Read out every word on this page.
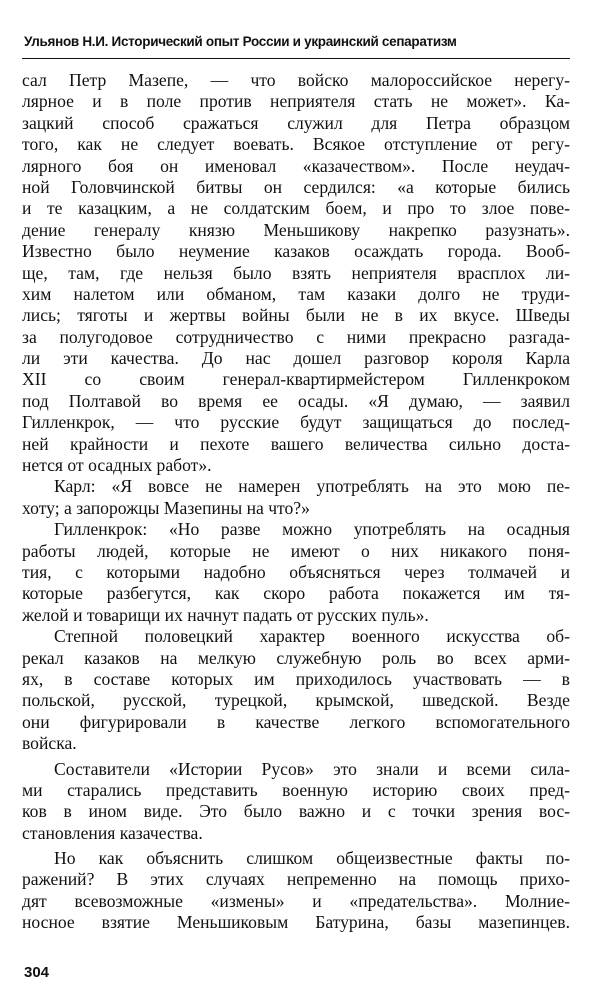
Ульянов Н.И. Исторический опыт России и украинский сепаратизм
сал Петр Мазепе, — что войско малороссийское нерегу-
лярное и в поле против неприятеля стать не может». Ка-
зацкий способ сражаться служил для Петра образцом
того, как не следует воевать. Всякое отступление от регу-
лярного боя он именовал «казачеством». После неудач-
ной Головчинской битвы он сердился: «а которые бились
и те казацким, а не солдатским боем, и про то злое пове-
дение генералу князю Меньшикову накрепко разузнать».
Известно было неумение казаков осаждать города. Вооб-
ще, там, где нельзя было взять неприятеля врасплох ли-
хим налетом или обманом, там казаки долго не труди-
лись; тяготы и жертвы войны были не в их вкусе. Шведы
за полугодовое сотрудничество с ними прекрасно разгада-
ли эти качества. До нас дошел разговор короля Карла
XII со своим генерал-квартирмейстером Гилленкроком
под Полтавой во время ее осады. «Я думаю, — заявил
Гилленкрок, — что русские будут защищаться до послед-
ней крайности и пехоте вашего величества сильно доста-
нется от осадных работ».
Карл: «Я вовсе не намерен употреблять на это мою пе-
хоту; а запорожцы Мазепины на что?»
Гилленкрок: «Но разве можно употреблять на осадныя
работы людей, которые не имеют о них никакого поня-
тия, с которыми надобно объясняться через толмачей и
которые разбегутся, как скоро работа покажется им тя-
желой и товарищи их начнут падать от русских пуль».
Степной половецкий характер военного искусства об-
рекал казаков на мелкую служебную роль во всех арми-
ях, в составе которых им приходилось участвовать — в
польской, русской, турецкой, крымской, шведской. Везде
они фигурировали в качестве легкого вспомогательного
войска.
Составители «Истории Русов» это знали и всеми сила-
ми старались представить военную историю своих пред-
ков в ином виде. Это было важно и с точки зрения вос-
становления казачества.
Но как объяснить слишком общеизвестные факты по-
ражений? В этих случаях непременно на помощь прихо-
дят всевозможные «измены» и «предательства». Молние-
носное взятие Меньшиковым Батурина, базы мазепинцев.
304
